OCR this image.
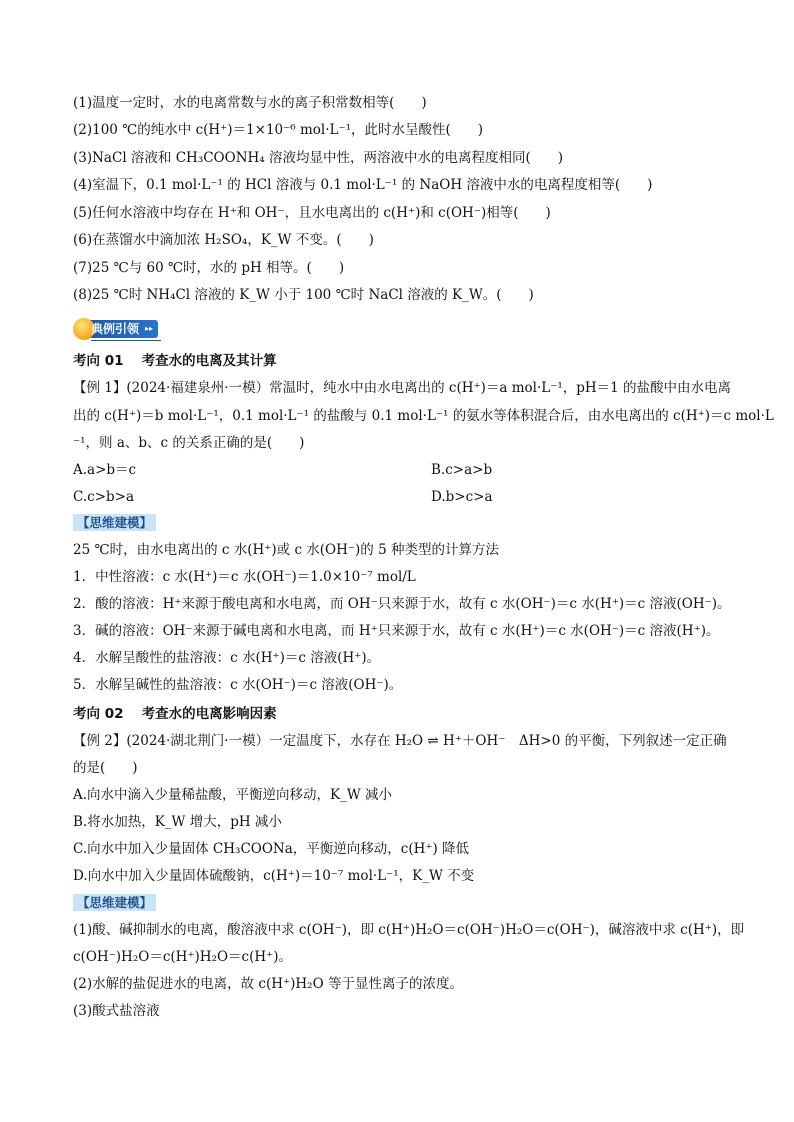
(1)温度一定时，水的电离常数与水的离子积常数相等(　　)
(2)100 ℃的纯水中 c(H⁺)＝1×10⁻⁶ mol·L⁻¹，此时水呈酸性(　　)
(3)NaCl 溶液和 CH₃COONH₄ 溶液均显中性，两溶液中水的电离程度相同(　　)
(4)室温下，0.1 mol·L⁻¹ 的 HCl 溶液与 0.1 mol·L⁻¹ 的 NaOH 溶液中水的电离程度相等(　　)
(5)任何水溶液中均存在 H⁺和 OH⁻，且水电离出的 c(H⁺)和 c(OH⁻)相等(　　)
(6)在蒸馏水中滴加浓 H₂SO₄，K_W 不变。(　　)
(7)25 ℃与 60 ℃时，水的 pH 相等。(　　)
(8)25 ℃时 NH₄Cl 溶液的 K_W 小于 100 ℃时 NaCl 溶液的 K_W。(　　)
典例引领 ▸▸
考向 01　 考查水的电离及其计算
【例 1】(2024·福建泉州·一模）常温时，纯水中由水电离出的 c(H⁺)＝a mol·L⁻¹，pH＝1 的盐酸中由水电离
出的 c(H⁺)＝b mol·L⁻¹，0.1 mol·L⁻¹ 的盐酸与 0.1 mol·L⁻¹ 的氨水等体积混合后，由水电离出的 c(H⁺)＝c mol·L
⁻¹，则 a、b、c 的关系正确的是(　　)
A.a>b＝c	B.c>a>b
C.c>b>a	D.b>c>a
【思维建模】
25 ℃时，由水电离出的 c 水(H⁺)或 c 水(OH⁻)的 5 种类型的计算方法
1．中性溶液：c 水(H⁺)＝c 水(OH⁻)＝1.0×10⁻⁷ mol/L
2．酸的溶液：H⁺来源于酸电离和水电离，而 OH⁻只来源于水，故有 c 水(OH⁻)＝c 水(H⁺)＝c 溶液(OH⁻)。
3．碱的溶液：OH⁻来源于碱电离和水电离，而 H⁺只来源于水，故有 c 水(H⁺)＝c 水(OH⁻)＝c 溶液(H⁺)。
4．水解呈酸性的盐溶液：c 水(H⁺)＝c 溶液(H⁺)。
5．水解呈碱性的盐溶液：c 水(OH⁻)＝c 溶液(OH⁻)。
考向 02　 考查水的电离影响因素
【例 2】(2024·湖北荆门·一模）一定温度下，水存在 H₂O ⇌ H⁺＋OH⁻　ΔH>0 的平衡，下列叙述一定正确
的是(　　)
A.向水中滴入少量稀盐酸，平衡逆向移动，K_W 减小
B.将水加热，K_W 增大，pH 减小
C.向水中加入少量固体 CH₃COONa，平衡逆向移动，c(H⁺) 降低
D.向水中加入少量固体硫酸钠，c(H⁺)＝10⁻⁷ mol·L⁻¹，K_W 不变
【思维建模】
(1)酸、碱抑制水的电离，酸溶液中求 c(OH⁻)，即 c(H⁺)H₂O＝c(OH⁻)H₂O＝c(OH⁻)，碱溶液中求 c(H⁺)，即
c(OH⁻)H₂O＝c(H⁺)H₂O＝c(H⁺)。
(2)水解的盐促进水的电离，故 c(H⁺)H₂O 等于显性离子的浓度。
(3)酸式盐溶液
